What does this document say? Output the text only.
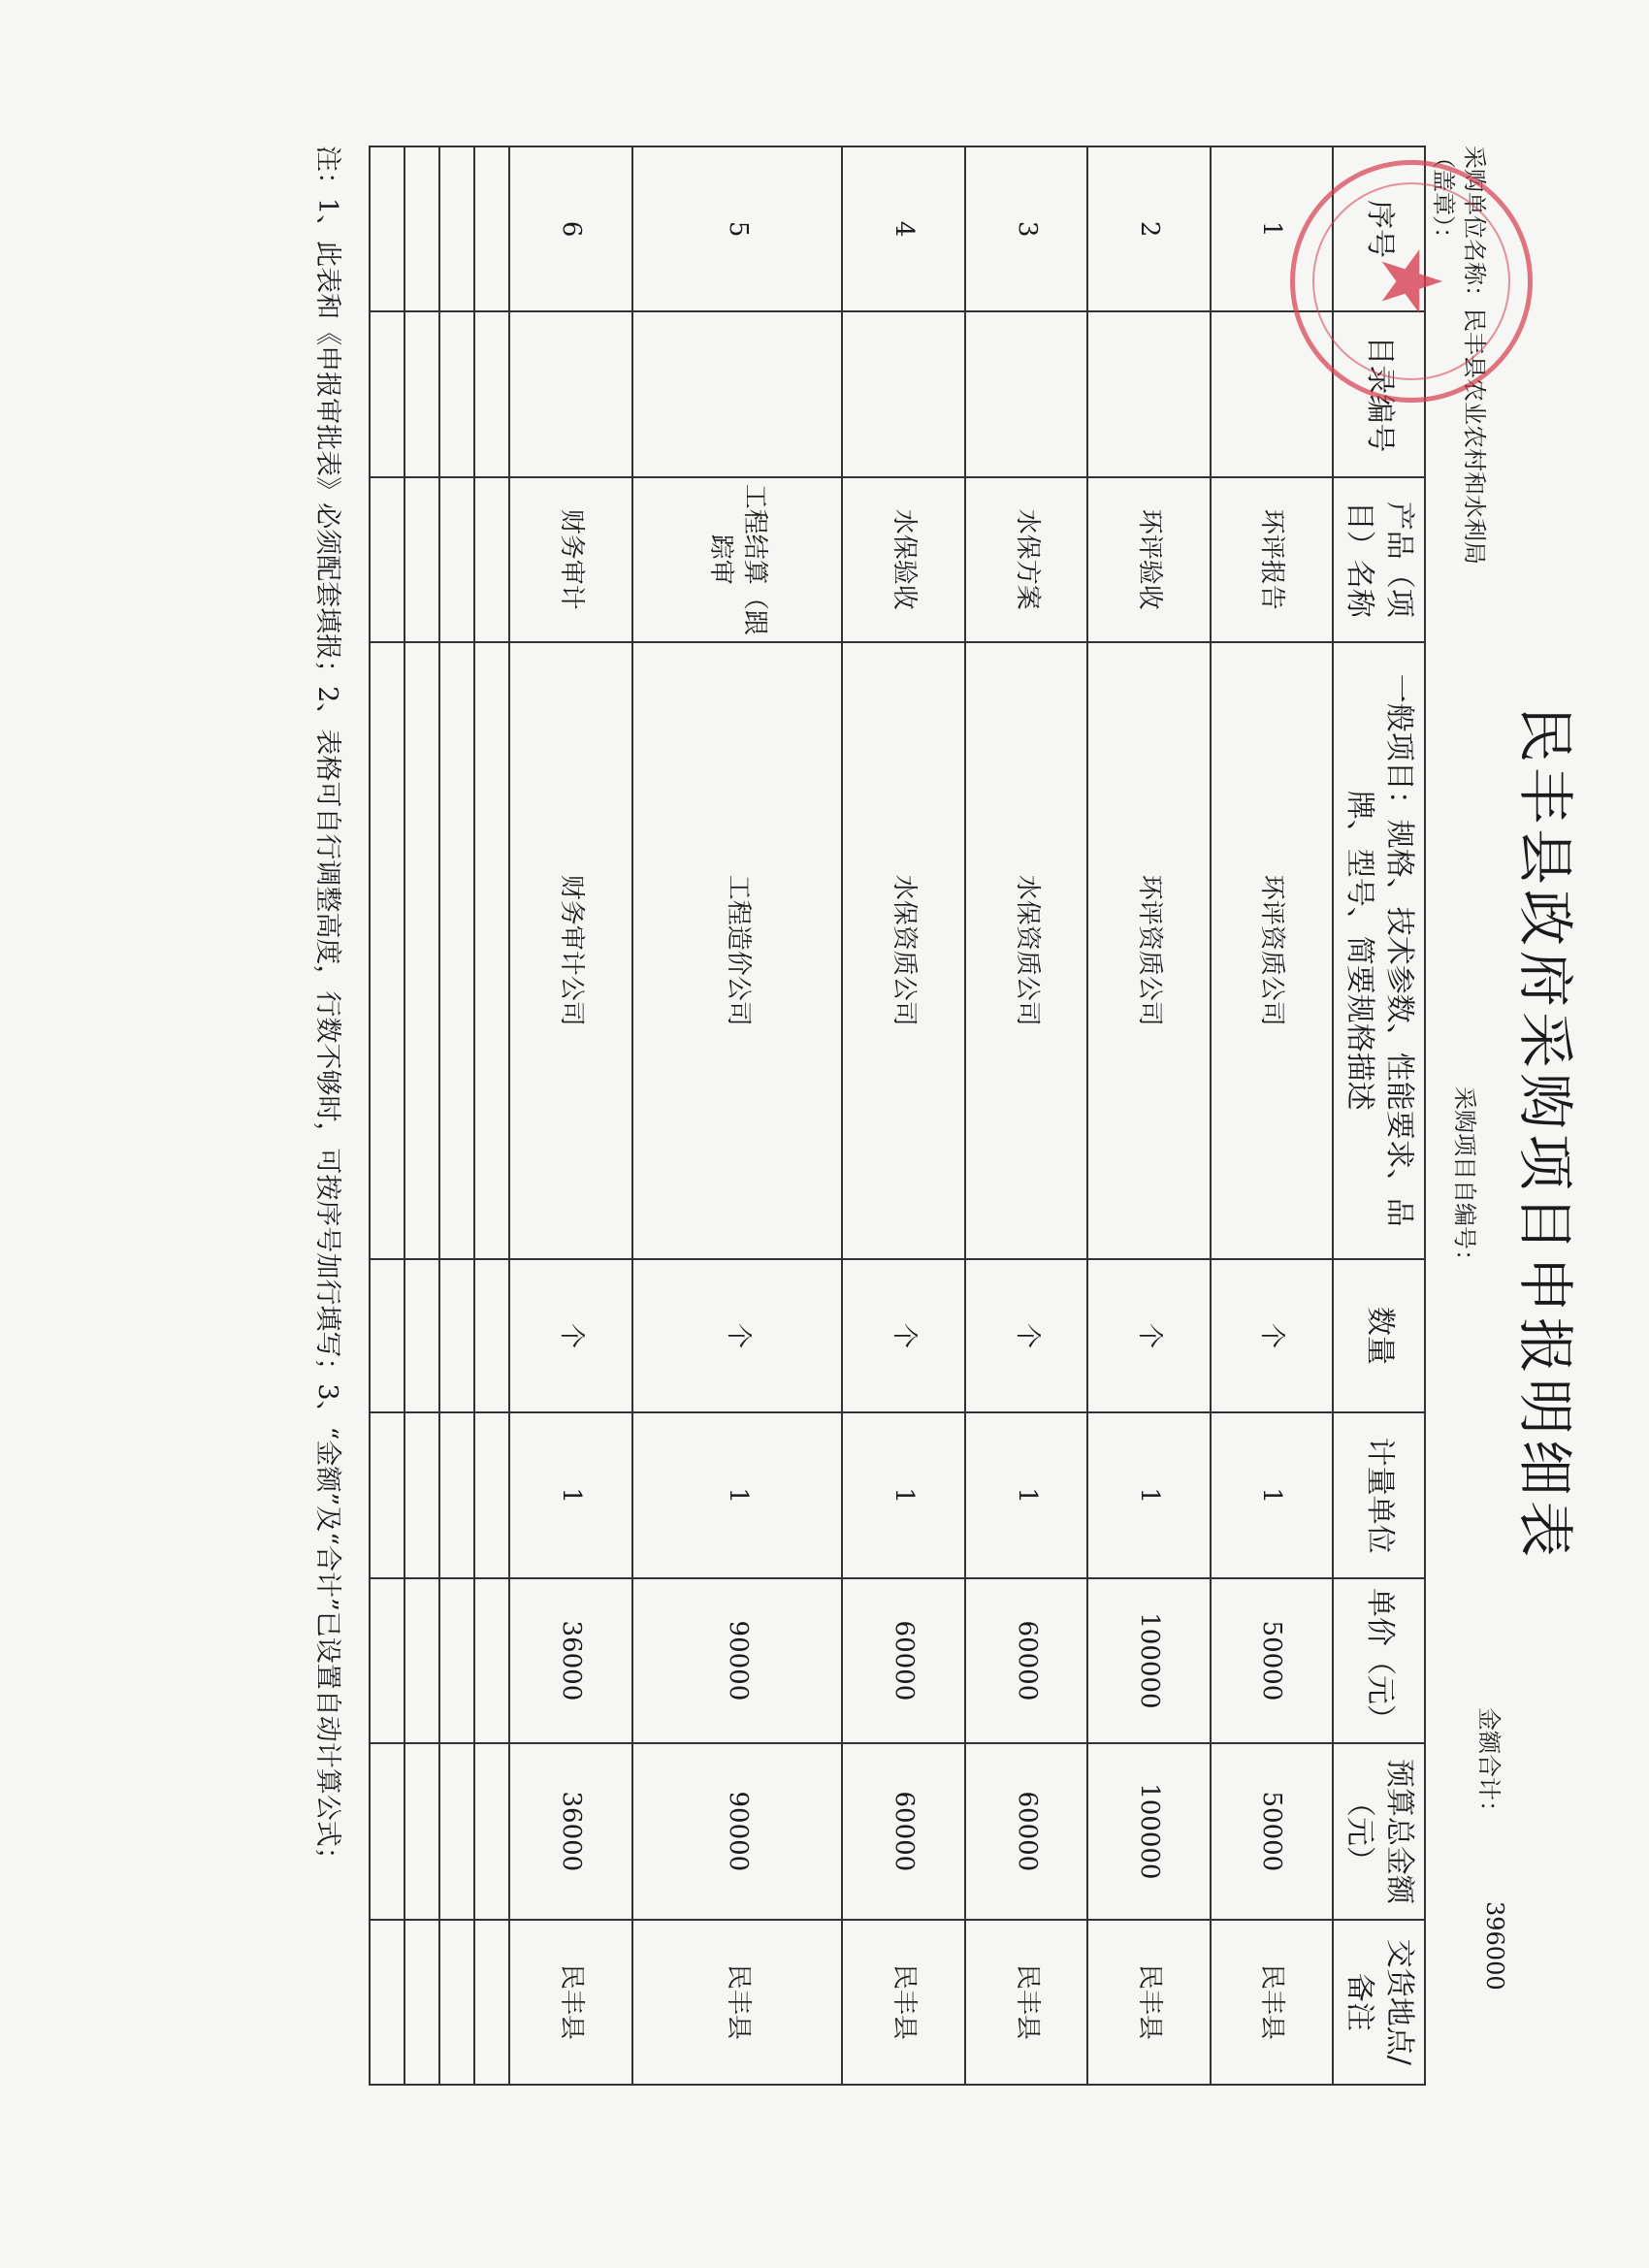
民丰县政府采购项目申报明细表
采购单位名称：民丰县农业农村和水利局
（盖章）：
采购项目自编号：
金额合计：
396000
序号	目录编号	产品（项目）名称	一般项目：规格、技术参数、性能要求、品牌、型号、简要规格描述	数量	计量单位	单价（元）	预算总金额（元）	交货地点/备注
1		环评报告	环评资质公司	个	1	50000	50000	民丰县
2		环评验收	环评资质公司	个	1	100000	100000	民丰县
3		水保方案	水保资质公司	个	1	60000	60000	民丰县
4		水保验收	水保资质公司	个	1	60000	60000	民丰县
5		工程结算（跟踪审	工程造价公司	个	1	90000	90000	民丰县
6		财务审计	财务审计公司	个	1	36000	36000	民丰县

★
注：1、此表和《申报审批表》必须配套填报；2、表格可自行调整高度，行数不够时，可按序号加行填写；3、“金额”及“合计”已设置自动计算公式；
